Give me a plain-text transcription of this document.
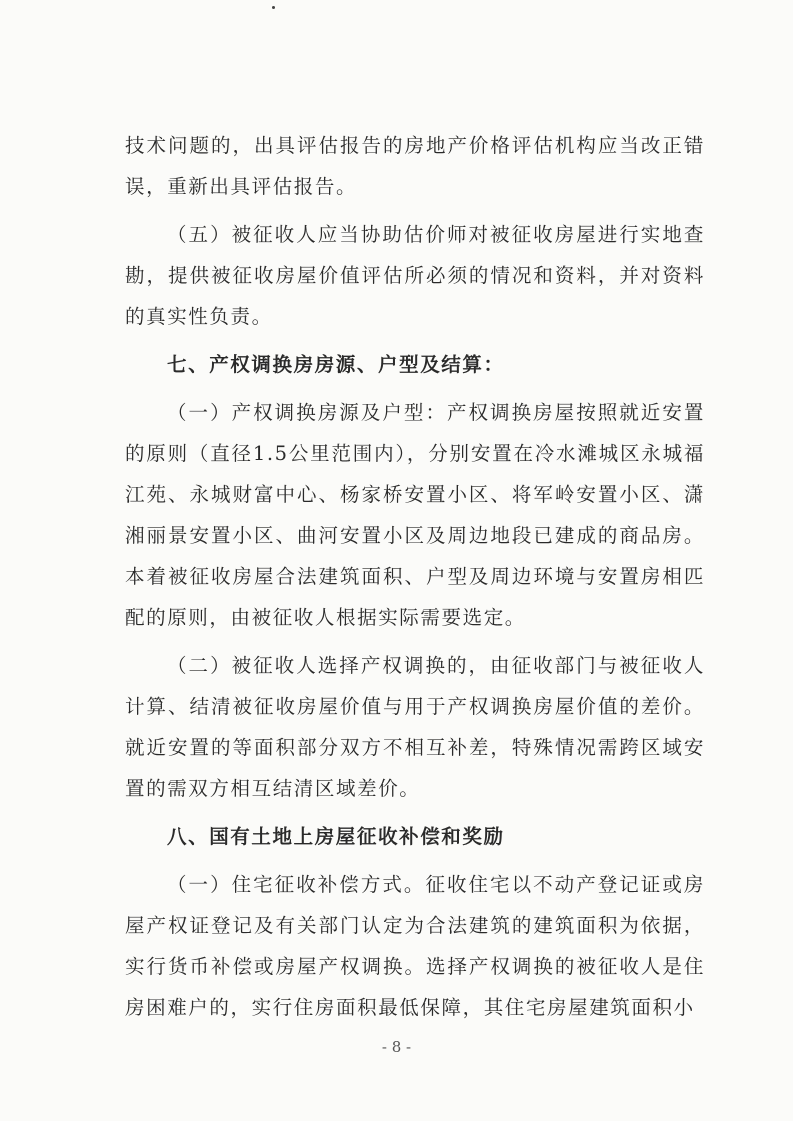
技术问题的，出具评估报告的房地产价格评估机构应当改正错误，重新出具评估报告。

（五）被征收人应当协助估价师对被征收房屋进行实地查勘，提供被征收房屋价值评估所必须的情况和资料，并对资料的真实性负责。

七、产权调换房房源、户型及结算：

（一）产权调换房源及户型：产权调换房屋按照就近安置的原则（直径1.5公里范围内），分别安置在冷水滩城区永城福江苑、永城财富中心、杨家桥安置小区、将军岭安置小区、潇湘丽景安置小区、曲河安置小区及周边地段已建成的商品房。本着被征收房屋合法建筑面积、户型及周边环境与安置房相匹配的原则，由被征收人根据实际需要选定。

（二）被征收人选择产权调换的，由征收部门与被征收人计算、结清被征收房屋价值与用于产权调换房屋价值的差价。就近安置的等面积部分双方不相互补差，特殊情况需跨区域安置的需双方相互结清区域差价。

八、国有土地上房屋征收补偿和奖励

（一）住宅征收补偿方式。征收住宅以不动产登记证或房屋产权证登记及有关部门认定为合法建筑的建筑面积为依据，实行货币补偿或房屋产权调换。选择产权调换的被征收人是住房困难户的，实行住房面积最低保障，其住宅房屋建筑面积小

- 8 -
